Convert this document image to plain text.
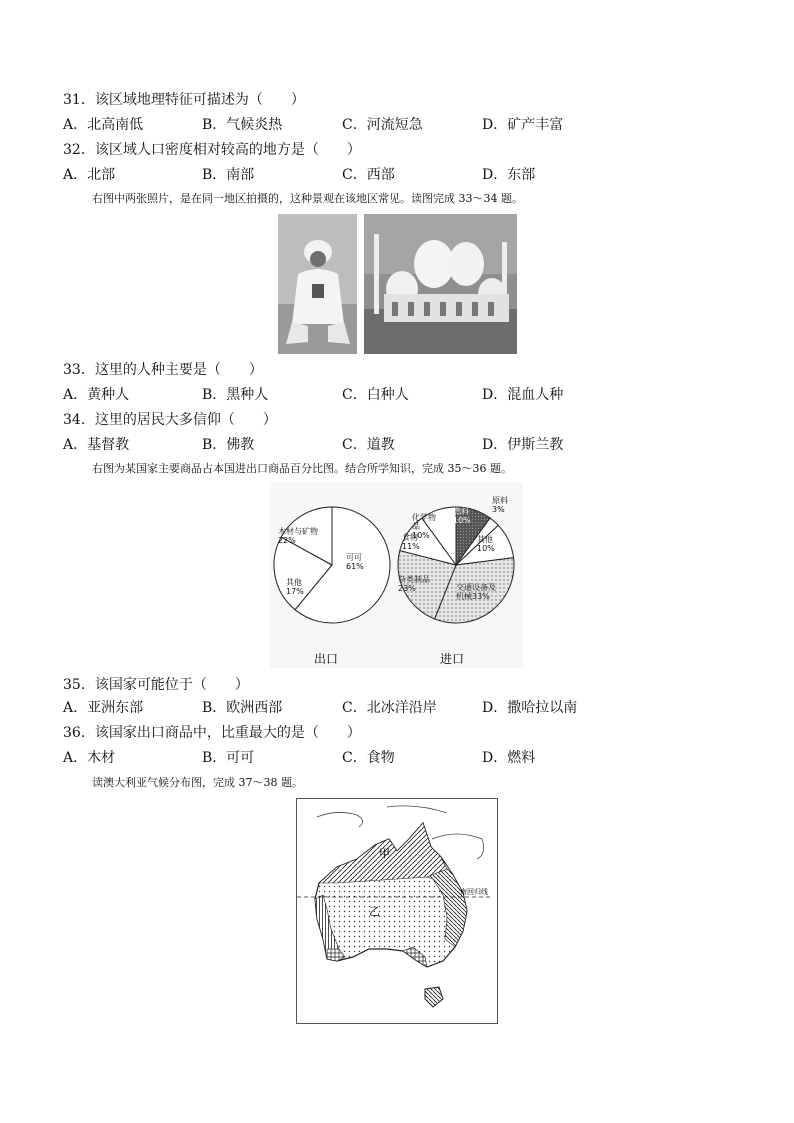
31．该区域地理特征可描述为（　　）
A．北高南低	B．气候炎热	C．河流短急	D．矿产丰富
32．该区域人口密度相对较高的地方是（　　）
A．北部	B．南部	C．西部	D．东部
右图中两张照片，是在同一地区拍摄的，这种景观在该地区常见。读图完成 33～34 题。
33．这里的人种主要是（　　）
A．黄种人	B．黑种人	C．白种人	D．混血人种
34．这里的居民大多信仰（　　）
A．基督教	B．佛教	C．道教	D．伊斯兰教
右图为某国家主要商品占本国进出口商品百分比图。结合所学知识，完成 35～36 题。
可可 61%
木材与矿物 22%
其他 17%
燃料 10%
原料 3%
其他 10%
交通设备及机械33%
杂类制品 23%
食物 11%
化学物品 10%
出口	进口
35．该国家可能位于（　　）
A．亚洲东部	B．欧洲西部	C．北冰洋沿岸	D．撒哈拉以南
36．该国家出口商品中，比重最大的是（　　）
A．木材	B．可可	C．食物	D．燃料
读澳大利亚气候分布图，完成 37～38 题。
南回归线
甲
乙
